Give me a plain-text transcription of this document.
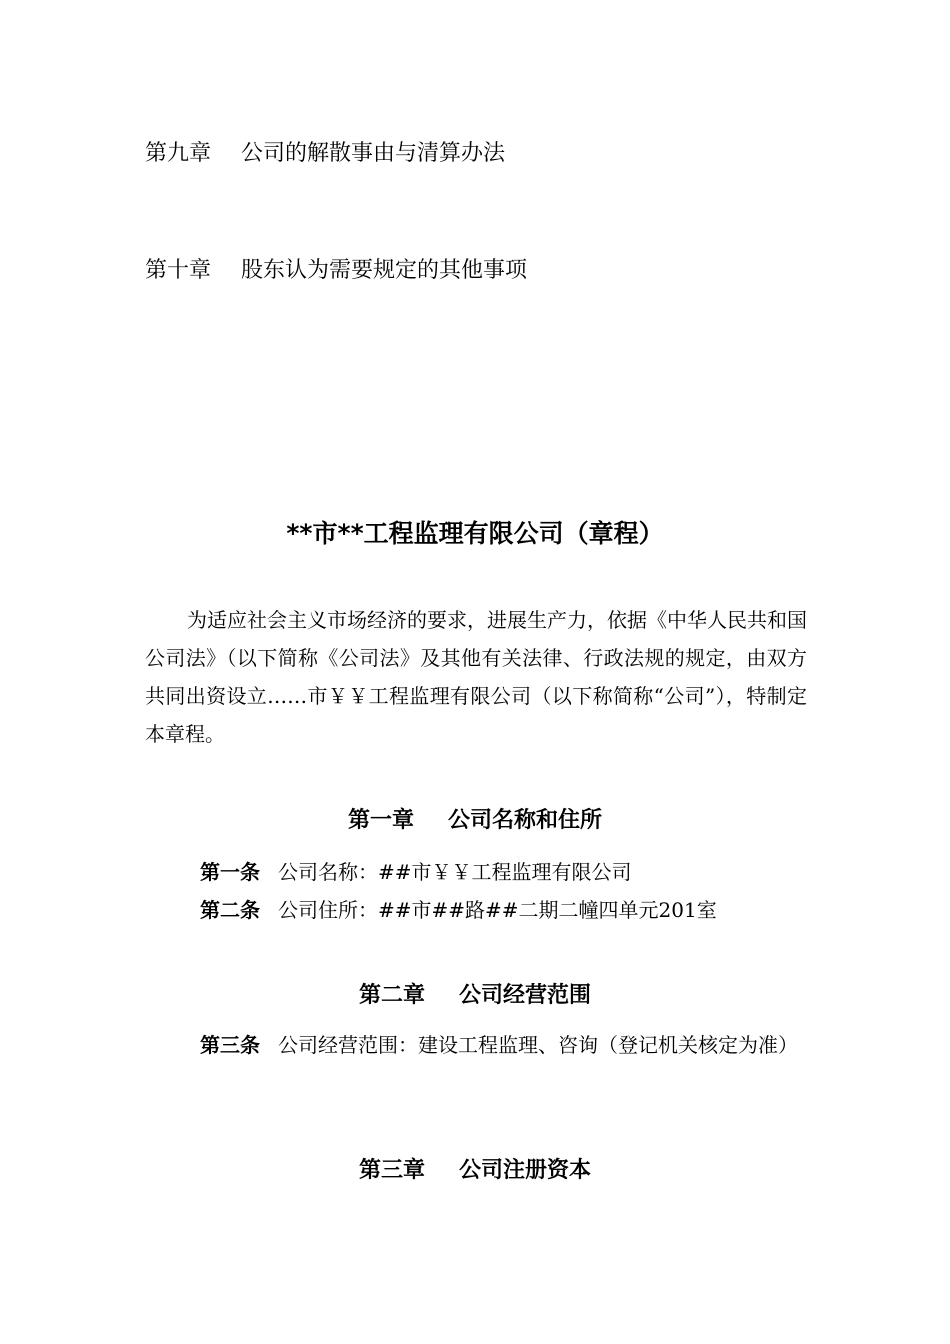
第九章 公司的解散事由与清算办法
第十章 股东认为需要规定的其他事项
**市**工程监理有限公司（章程）
为适应社会主义市场经济的要求，进展生产力，依据《中华人民共和国公司法》（以下简称《公司法》及其他有关法律、行政法规的规定，由双方共同出资设立……市￥￥工程监理有限公司（以下称简称“公司”），特制定本章程。
第一章 公司名称和住所
第一条 公司名称：##市￥￥工程监理有限公司
第二条 公司住所：##市##路##二期二幢四单元201室
第二章 公司经营范围
第三条 公司经营范围：建设工程监理、咨询（登记机关核定为准）
第三章 公司注册资本
